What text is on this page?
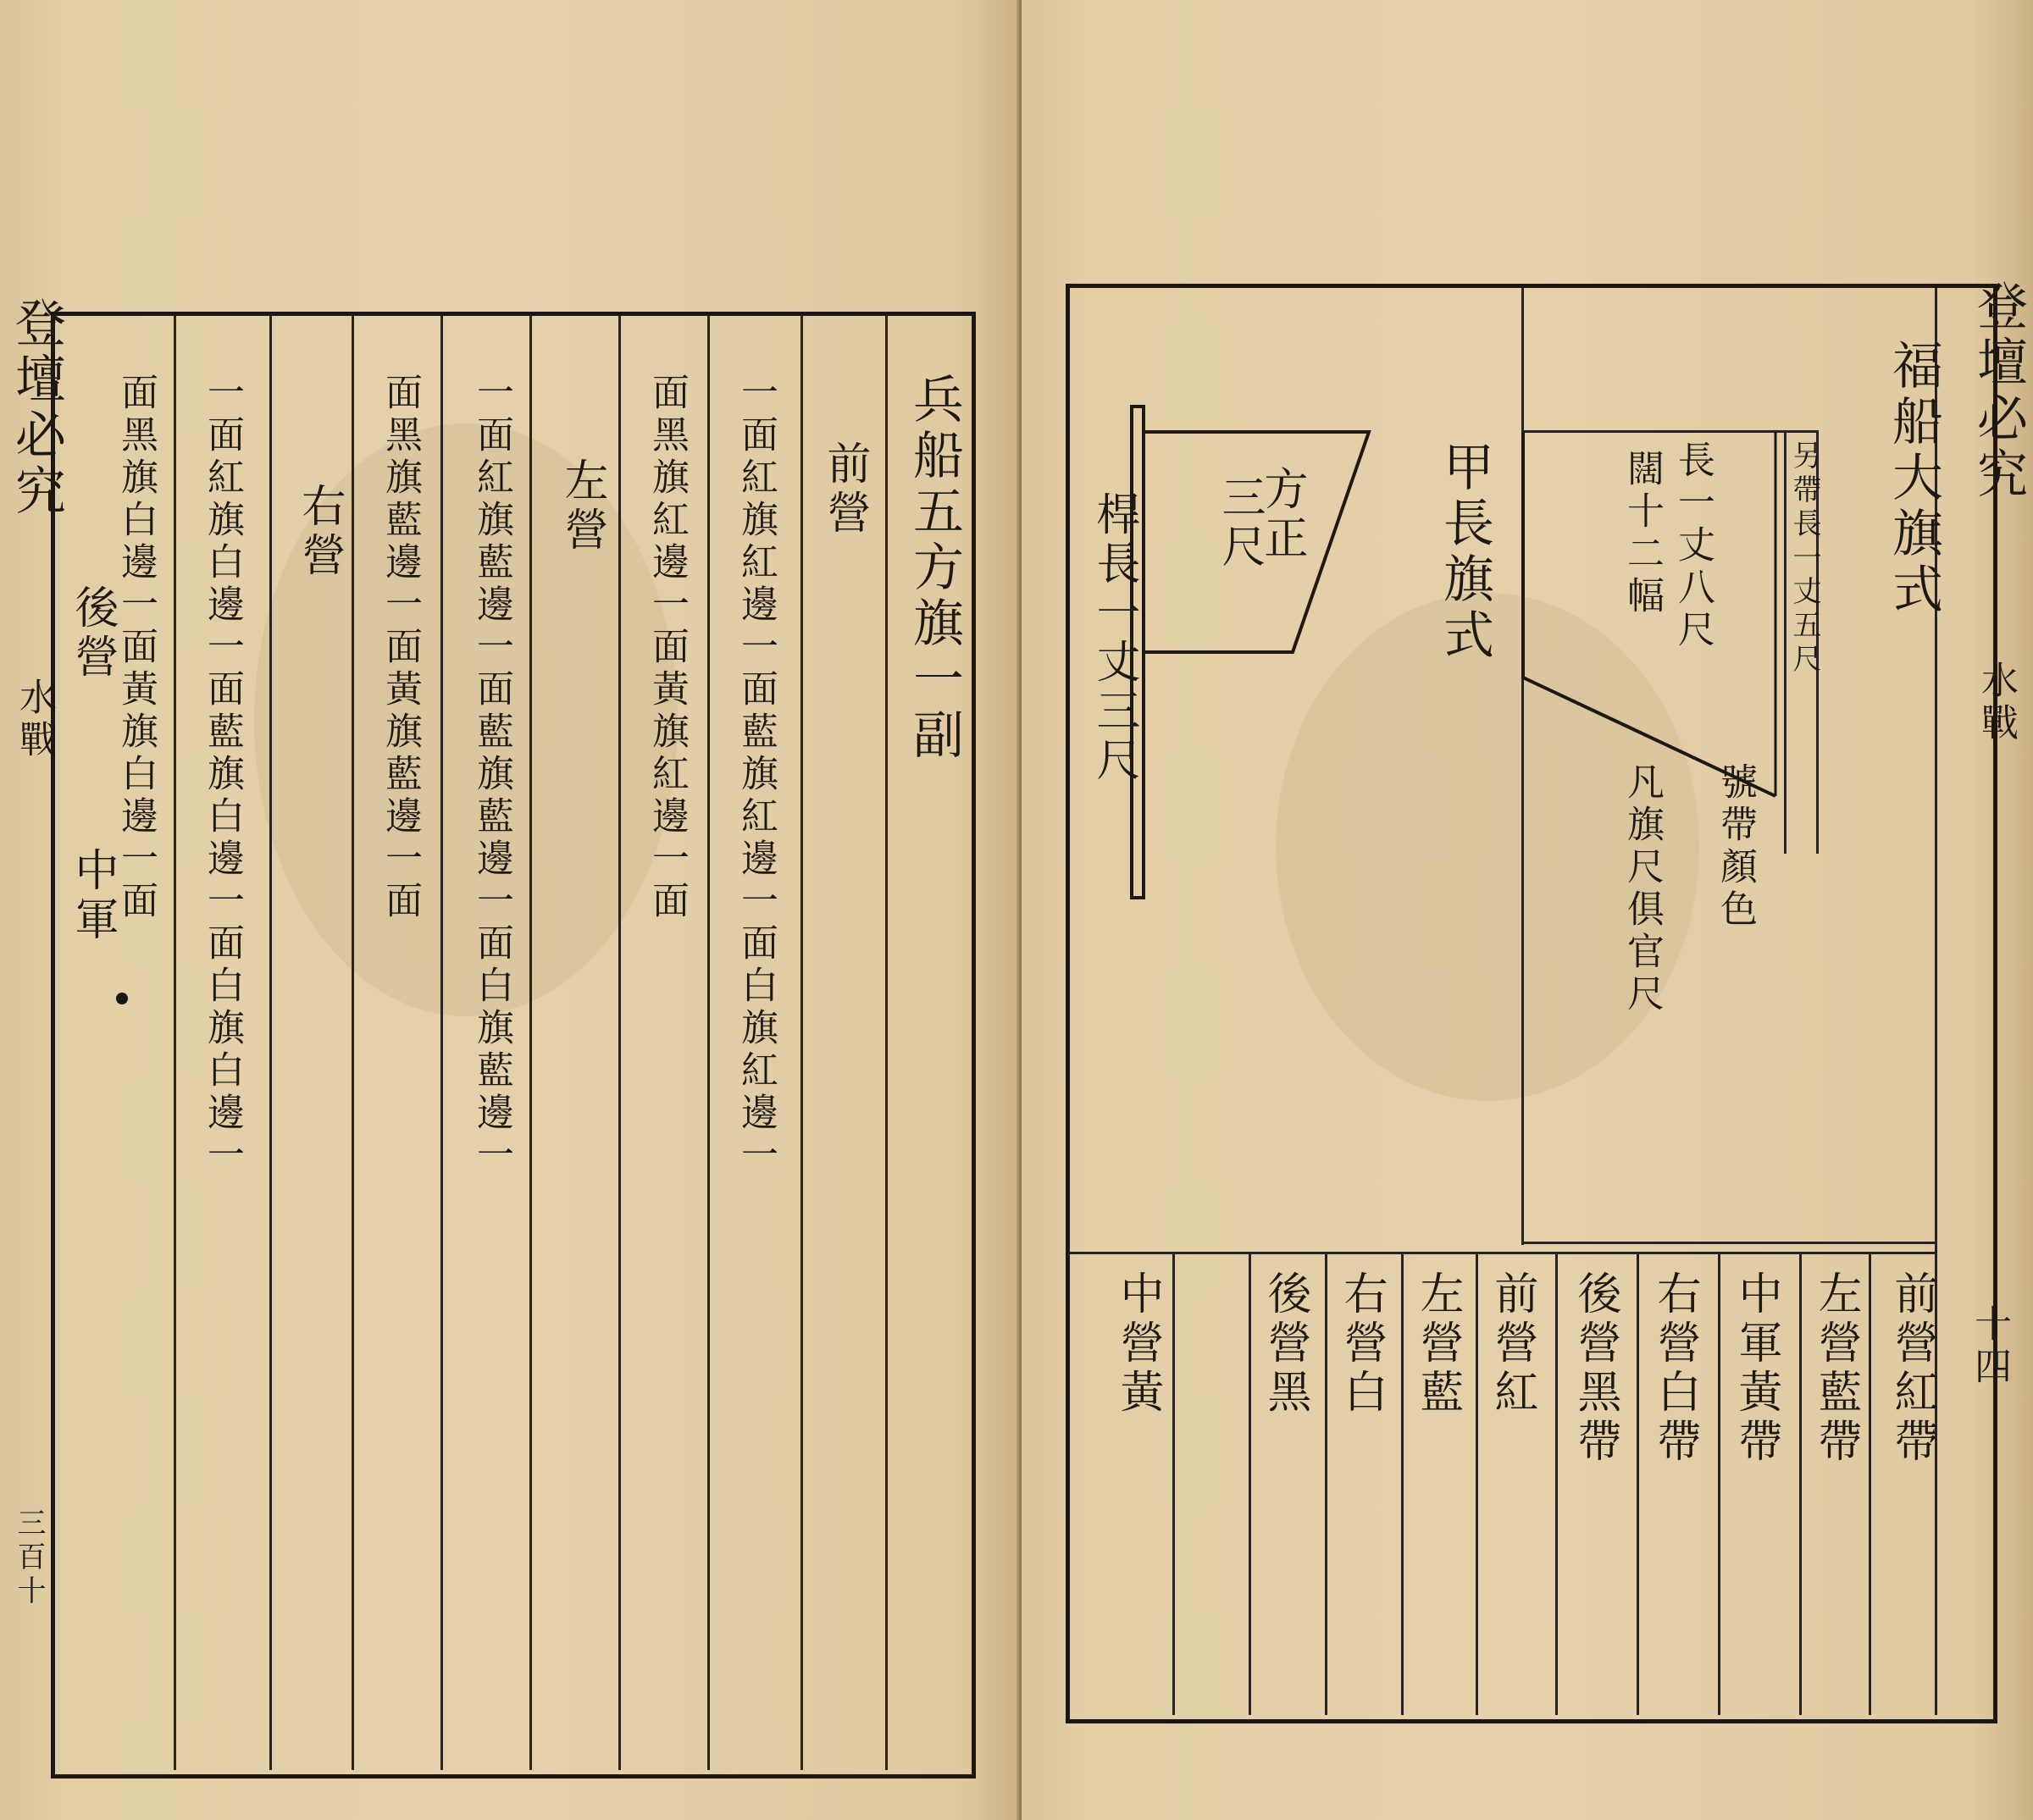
登壇必究
水戰
三百十
兵船五方旗一副
前營
一面紅旗紅邊一面藍旗紅邊一面白旗紅邊一
面黑旗紅邊一面黃旗紅邊一面
左營
一面紅旗藍邊一面藍旗藍邊一面白旗藍邊一
面黑旗藍邊一面黃旗藍邊一面
右營
一面紅旗白邊一面藍旗白邊一面白旗白邊一
面黑旗白邊一面黃旗白邊一面
後營
中軍
登壇必究
水戰
十四
福船大旗式
另帶長一丈五尺
長一丈八尺
闊十二幅
號帶顏色
凡旗尺俱官尺
甲長旗式
方正
三尺
桿長一丈三尺
前營紅帶
左營藍帶
中軍黃帶
右營白帶
後營黑帶
前營紅
左營藍
右營白
後營黑
中營黃
